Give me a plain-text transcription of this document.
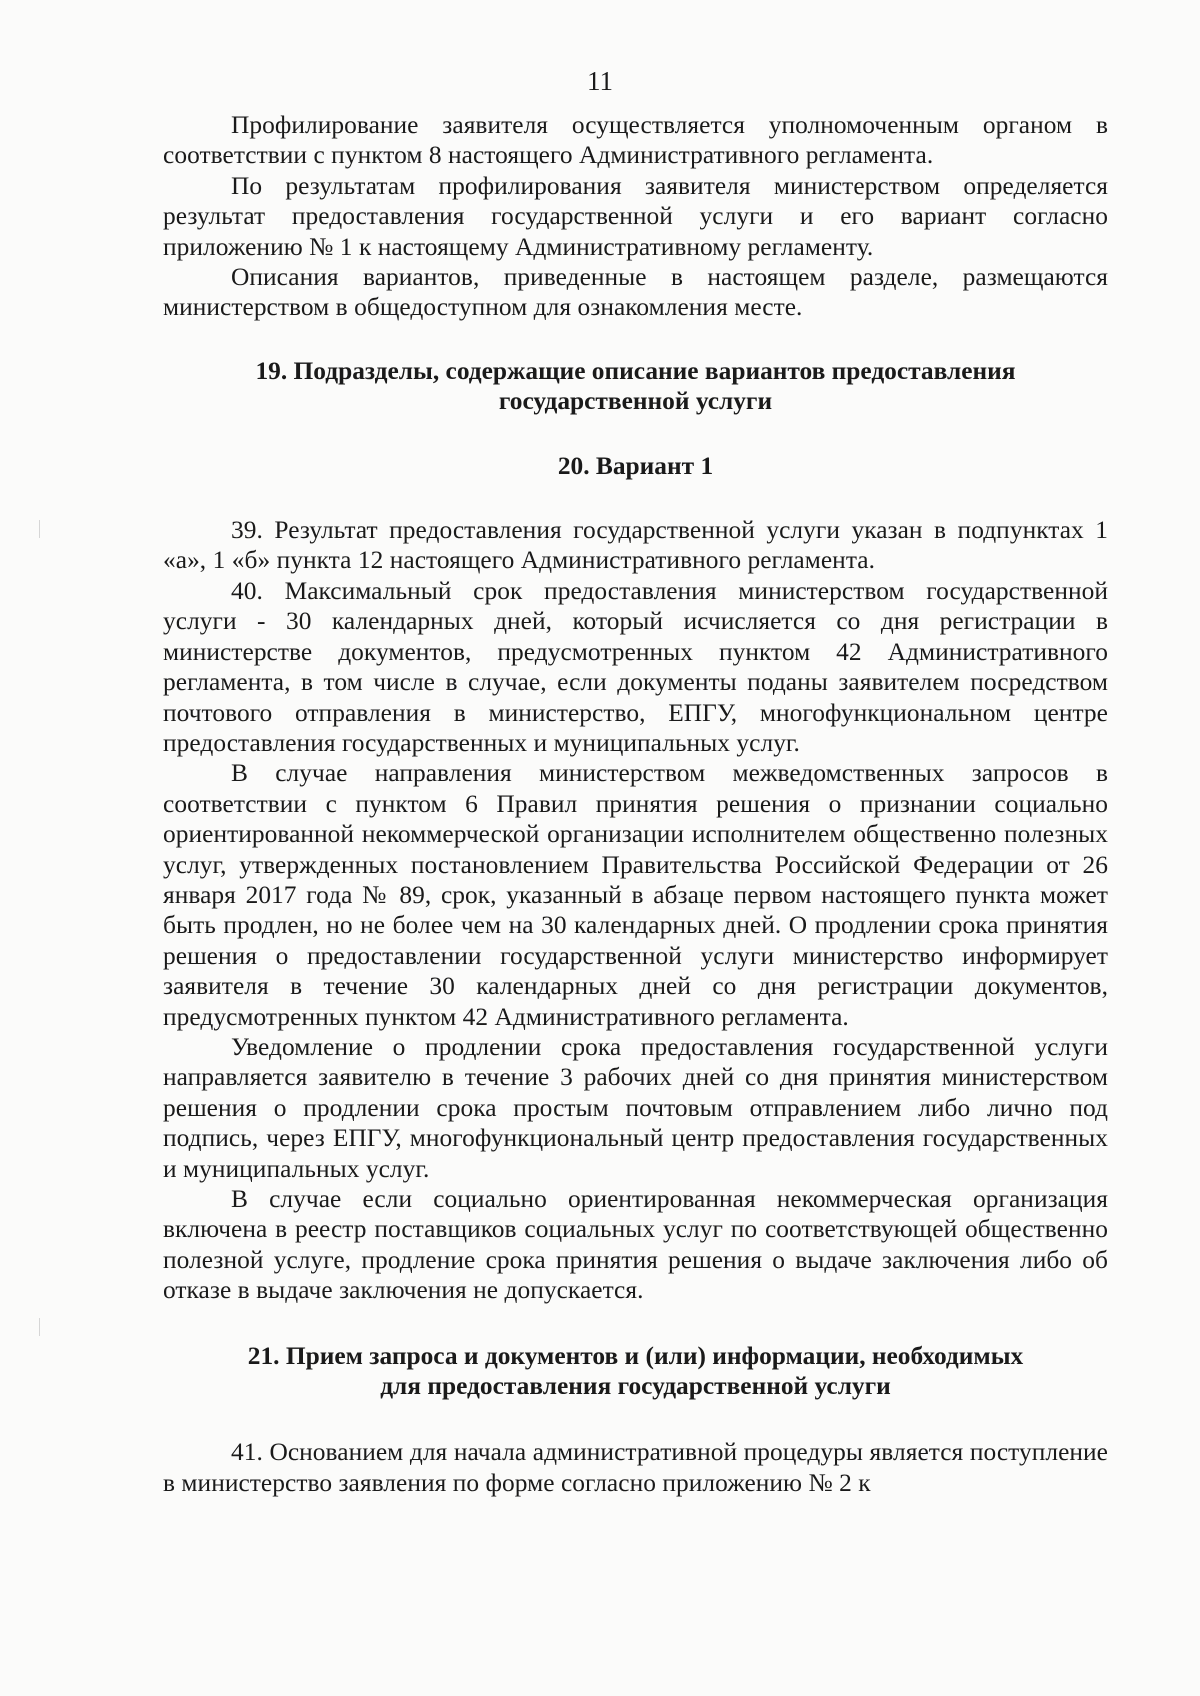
11

Профилирование заявителя осуществляется уполномоченным органом в соответствии с пунктом 8 настоящего Административного регламента.

По результатам профилирования заявителя министерством определяется результат предоставления государственной услуги и его вариант согласно приложению № 1 к настоящему Административному регламенту.

Описания вариантов, приведенные в настоящем разделе, размещаются министерством в общедоступном для ознакомления месте.

19. Подразделы, содержащие описание вариантов предоставления
государственной услуги
20. Вариант 1

39. Результат предоставления государственной услуги указан в подпунктах 1 «а», 1 «б» пункта 12 настоящего Административного регламента.

40. Максимальный срок предоставления министерством государственной услуги - 30 календарных дней, который исчисляется со дня регистрации в министерстве документов, предусмотренных пунктом 42 Административного регламента, в том числе в случае, если документы поданы заявителем посредством почтового отправления в министерство, ЕПГУ, многофункциональном центре предоставления государственных и муниципальных услуг.

В случае направления министерством межведомственных запросов в соответствии с пунктом 6 Правил принятия решения о признании социально ориентированной некоммерческой организации исполнителем общественно полезных услуг, утвержденных постановлением Правительства Российской Федерации от 26 января 2017 года № 89, срок, указанный в абзаце первом настоящего пункта может быть продлен, но не более чем на 30 календарных дней. О продлении срока принятия решения о предоставлении государственной услуги министерство информирует заявителя в течение 30 календарных дней со дня регистрации документов, предусмотренных пунктом 42 Административного регламента.

Уведомление о продлении срока предоставления государственной услуги направляется заявителю в течение 3 рабочих дней со дня принятия министерством решения о продлении срока простым почтовым отправлением либо лично под подпись, через ЕПГУ, многофункциональный центр предоставления государственных и муниципальных услуг.

В случае если социально ориентированная некоммерческая организация включена в реестр поставщиков социальных услуг по соответствующей общественно полезной услуге, продление срока принятия решения о выдаче заключения либо об отказе в выдаче заключения не допускается.

21. Прием запроса и документов и (или) информации, необходимых
для предоставления государственной услуги

41. Основанием для начала административной процедуры является поступление в министерство заявления по форме согласно приложению № 2 к
